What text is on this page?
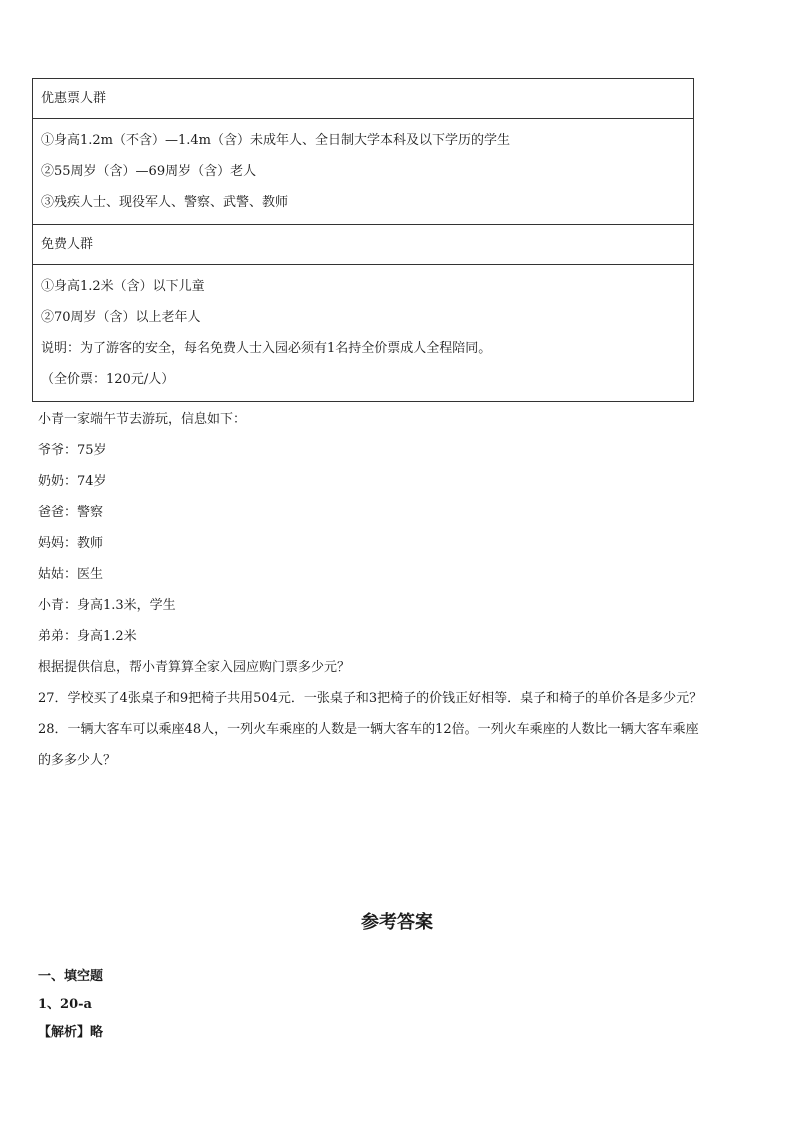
优惠票人群
①身高1.2m（不含）—1.4m（含）未成年人、全日制大学本科及以下学历的学生
②55周岁（含）—69周岁（含）老人
③残疾人士、现役军人、警察、武警、教师
免费人群
①身高1.2米（含）以下儿童
②70周岁（含）以上老年人
说明：为了游客的安全，每名免费人士入园必须有1名持全价票成人全程陪同。
（全价票：120元/人）
小青一家端午节去游玩，信息如下：
爷爷：75岁
奶奶：74岁
爸爸：警察
妈妈：教师
姑姑：医生
小青：身高1.3米，学生
弟弟：身高1.2米
根据提供信息，帮小青算算全家入园应购门票多少元？
27．学校买了4张桌子和9把椅子共用504元．一张桌子和3把椅子的价钱正好相等．桌子和椅子的单价各是多少元？
28．一辆大客车可以乘座48人，一列火车乘座的人数是一辆大客车的12倍。一列火车乘座的人数比一辆大客车乘座
的多多少人？
参考答案
一、填空题
1、20-a
【解析】略
